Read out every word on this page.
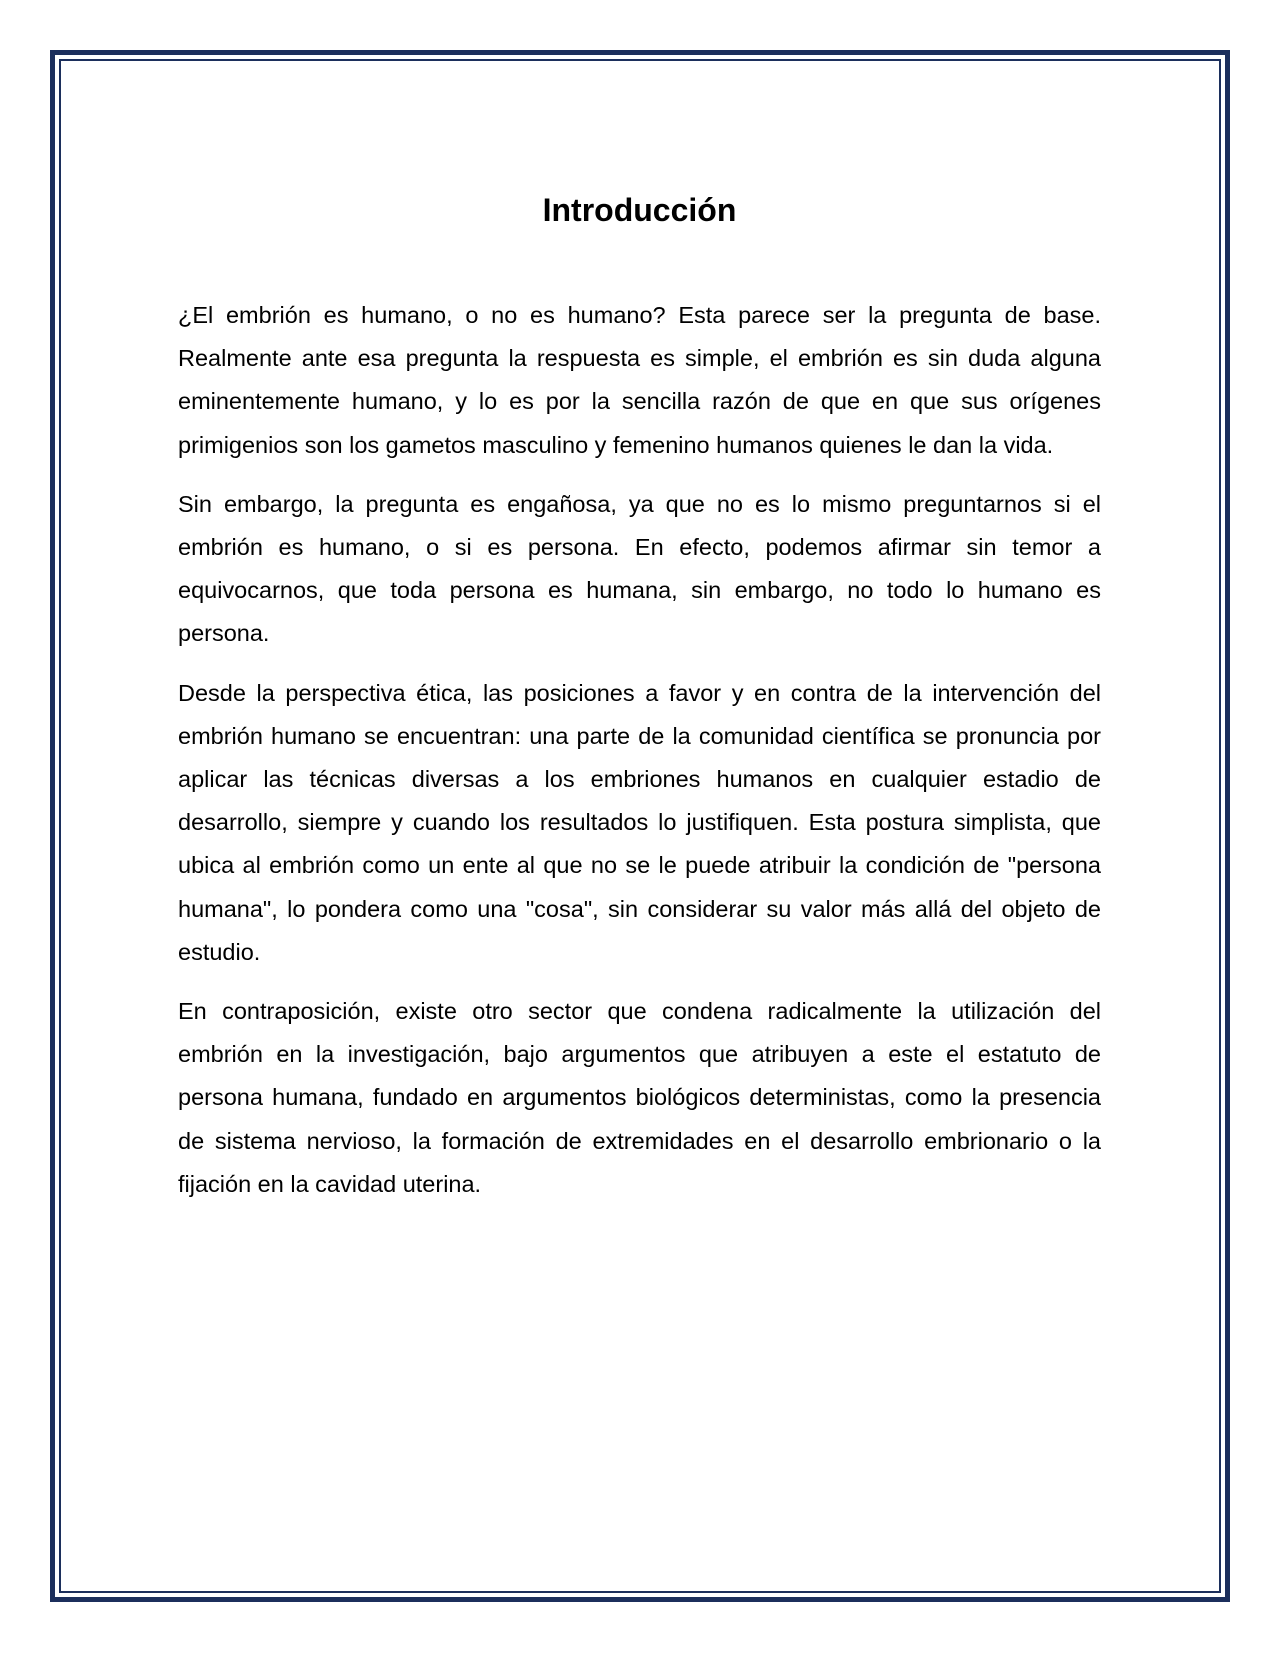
Introducción

¿El embrión es humano, o no es humano? Esta parece ser la pregunta de base. Realmente ante esa pregunta la respuesta es simple, el embrión es sin duda alguna eminentemente humano, y lo es por la sencilla razón de que en que sus orígenes primigenios son los gametos masculino y femenino humanos quienes le dan la vida.

Sin embargo, la pregunta es engañosa, ya que no es lo mismo preguntarnos si el embrión es humano, o si es persona. En efecto, podemos afirmar sin temor a equivocarnos, que toda persona es humana, sin embargo, no todo lo humano es persona.

Desde la perspectiva ética, las posiciones a favor y en contra de la intervención del embrión humano se encuentran: una parte de la comunidad científica se pronuncia por aplicar las técnicas diversas a los embriones humanos en cualquier estadio de desarrollo, siempre y cuando los resultados lo justifiquen. Esta postura simplista, que ubica al embrión como un ente al que no se le puede atribuir la condición de "persona humana", lo pondera como una "cosa", sin considerar su valor más allá del objeto de estudio.

En contraposición, existe otro sector que condena radicalmente la utilización del embrión en la investigación, bajo argumentos que atribuyen a este el estatuto de persona humana, fundado en argumentos biológicos deterministas, como la presencia de sistema nervioso, la formación de extremidades en el desarrollo embrionario o la fijación en la cavidad uterina.
